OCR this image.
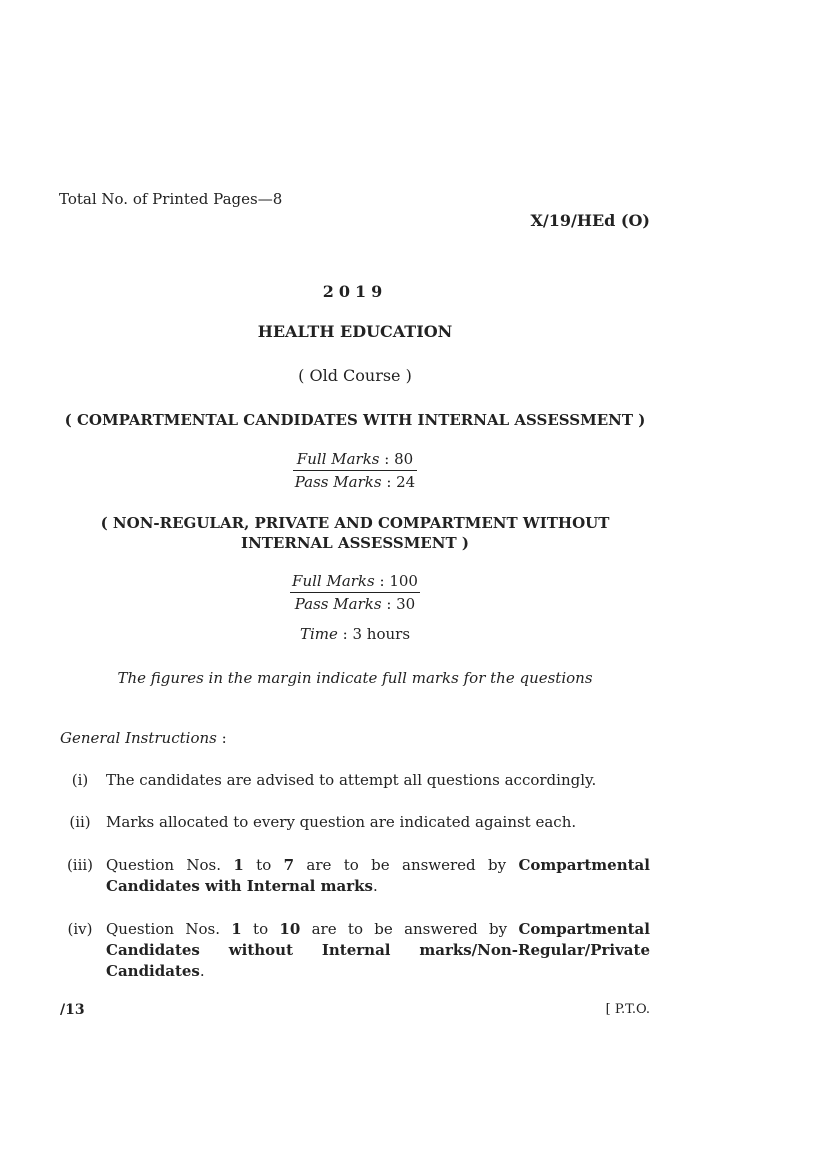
Total No. of Printed Pages—8
X/19/HEd (O)
2019
HEALTH EDUCATION
( Old Course )
( COMPARTMENTAL CANDIDATES WITH INTERNAL ASSESSMENT )
Full Marks : 80
Pass Marks : 24
( NON-REGULAR, PRIVATE AND COMPARTMENT WITHOUT
INTERNAL ASSESSMENT )
Full Marks : 100
Pass Marks : 30
Time : 3 hours
The figures in the margin indicate full marks for the questions
General Instructions :
(i)	The candidates are advised to attempt all questions accordingly.
(ii)	Marks allocated to every question are indicated against each.
(iii) Question Nos. 1 to 7 are to be answered by Compartmental Candidates with Internal marks.
(iv) Question Nos. 1 to 10 are to be answered by Compartmental Candidates without Internal marks/Non-Regular/Private Candidates.
/13	[ P.T.O.
